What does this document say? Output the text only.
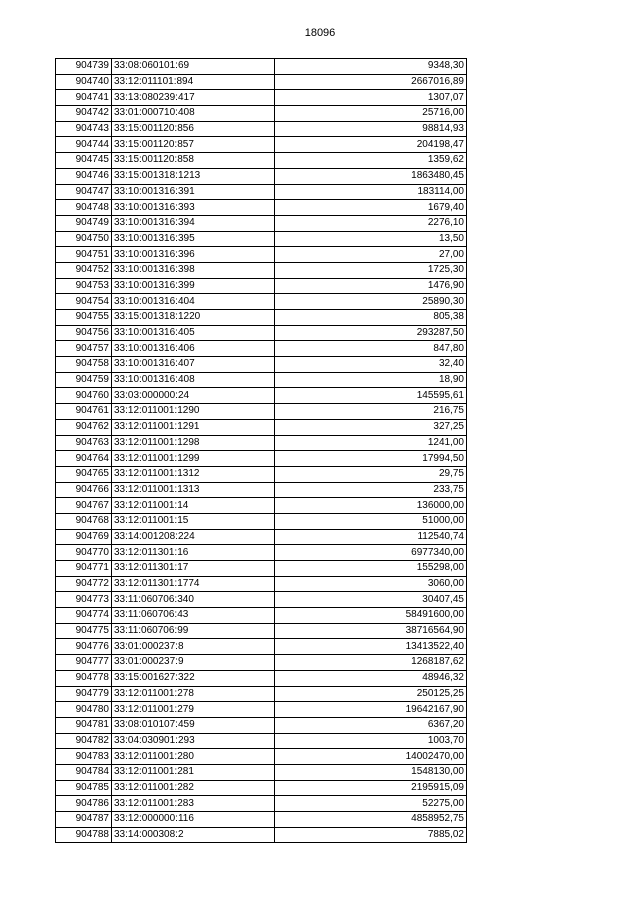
18096
904739	33:08:060101:69	9348,30
904740	33:12:011101:894	2667016,89
904741	33:13:080239:417	1307,07
904742	33:01:000710:408	25716,00
904743	33:15:001120:856	98814,93
904744	33:15:001120:857	204198,47
904745	33:15:001120:858	1359,62
904746	33:15:001318:1213	1863480,45
904747	33:10:001316:391	183114,00
904748	33:10:001316:393	1679,40
904749	33:10:001316:394	2276,10
904750	33:10:001316:395	13,50
904751	33:10:001316:396	27,00
904752	33:10:001316:398	1725,30
904753	33:10:001316:399	1476,90
904754	33:10:001316:404	25890,30
904755	33:15:001318:1220	805,38
904756	33:10:001316:405	293287,50
904757	33:10:001316:406	847,80
904758	33:10:001316:407	32,40
904759	33:10:001316:408	18,90
904760	33:03:000000:24	145595,61
904761	33:12:011001:1290	216,75
904762	33:12:011001:1291	327,25
904763	33:12:011001:1298	1241,00
904764	33:12:011001:1299	17994,50
904765	33:12:011001:1312	29,75
904766	33:12:011001:1313	233,75
904767	33:12:011001:14	136000,00
904768	33:12:011001:15	51000,00
904769	33:14:001208:224	112540,74
904770	33:12:011301:16	6977340,00
904771	33:12:011301:17	155298,00
904772	33:12:011301:1774	3060,00
904773	33:11:060706:340	30407,45
904774	33:11:060706:43	58491600,00
904775	33:11:060706:99	38716564,90
904776	33:01:000237:8	13413522,40
904777	33:01:000237:9	1268187,62
904778	33:15:001627:322	48946,32
904779	33:12:011001:278	250125,25
904780	33:12:011001:279	19642167,90
904781	33:08:010107:459	6367,20
904782	33:04:030901:293	1003,70
904783	33:12:011001:280	14002470,00
904784	33:12:011001:281	1548130,00
904785	33:12:011001:282	2195915,09
904786	33:12:011001:283	52275,00
904787	33:12:000000:116	4858952,75
904788	33:14:000308:2	7885,02
